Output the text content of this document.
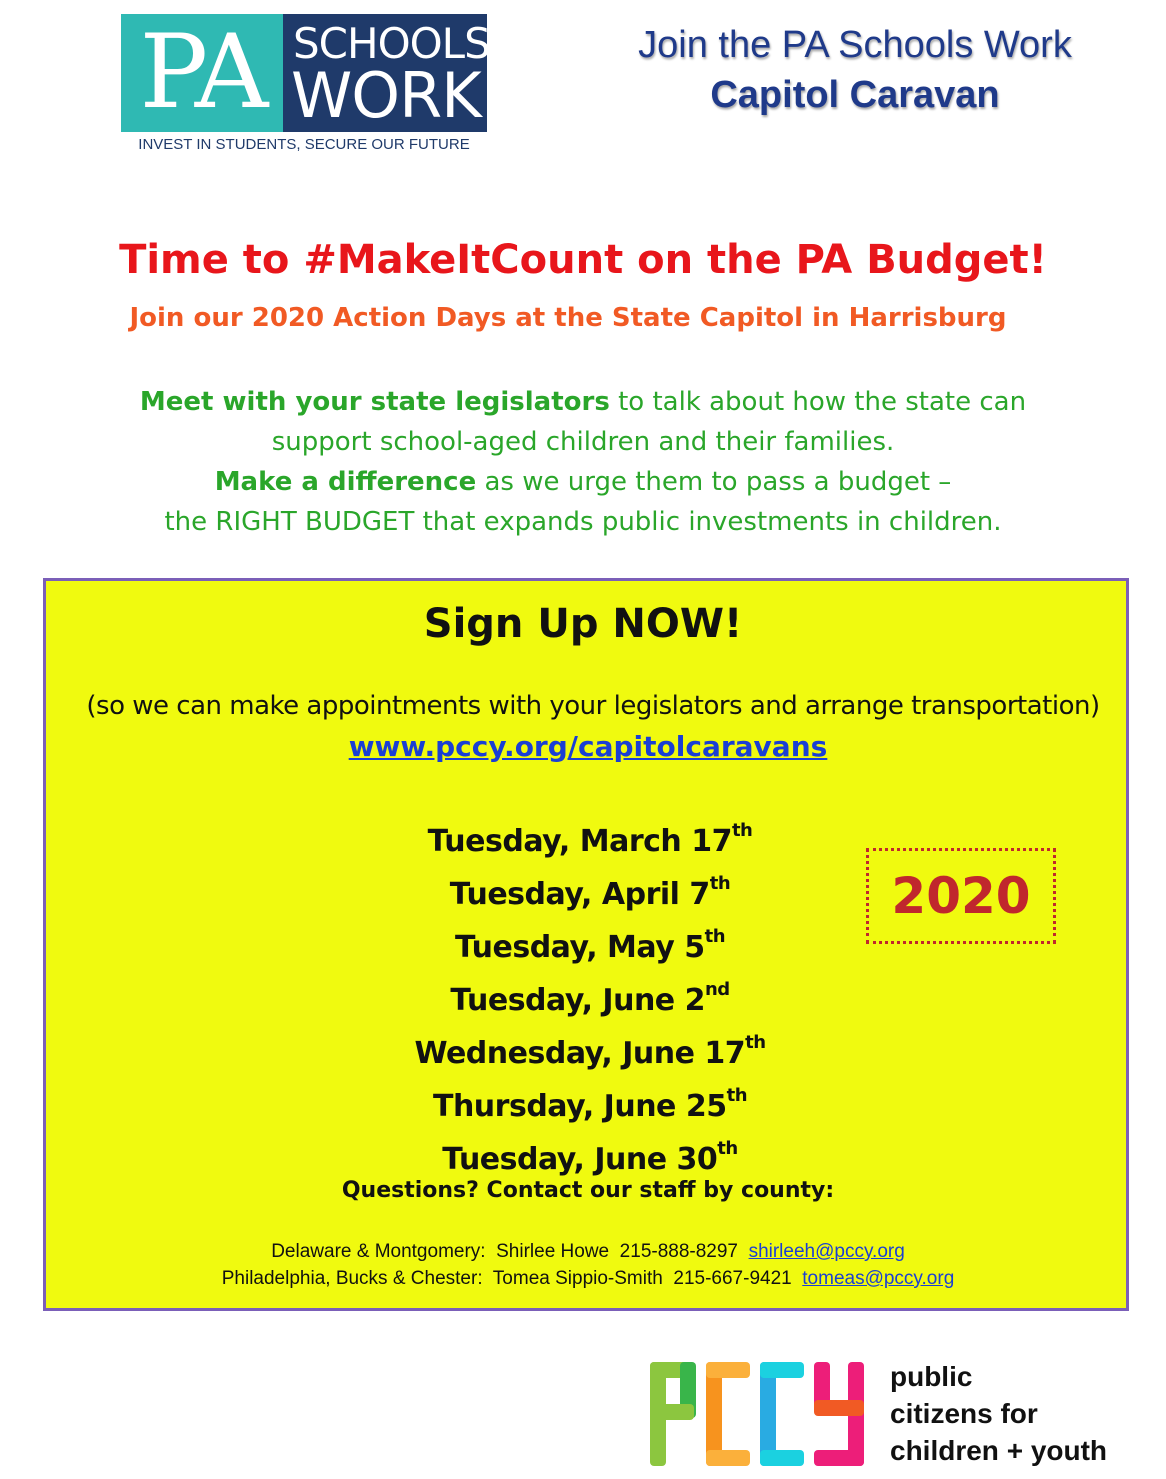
PA SCHOOLS
WORK
INVEST IN STUDENTS, SECURE OUR FUTURE
Join the PA Schools Work
Capitol Caravan
Time to #MakeItCount on the PA Budget!
Join our 2020 Action Days at the State Capitol in Harrisburg
Meet with your state legislators to talk about how the state can
support school-aged children and their families.
Make a difference as we urge them to pass a budget –
the RIGHT BUDGET that expands public investments in children.
Sign Up NOW!
(so we can make appointments with your legislators and arrange transportation)
www.pccy.org/capitolcaravans
Tuesday, March 17th
Tuesday, April 7th
Tuesday, May 5th
Tuesday, June 2nd
Wednesday, June 17th
Thursday, June 25th
Tuesday, June 30th
2020
Questions? Contact our staff by county:
Delaware & Montgomery:  Shirlee Howe  215-888-8297  shirleeh@pccy.org
Philadelphia, Bucks & Chester:  Tomea Sippio-Smith  215-667-9421  tomeas@pccy.org
public
citizens for
children + youth
